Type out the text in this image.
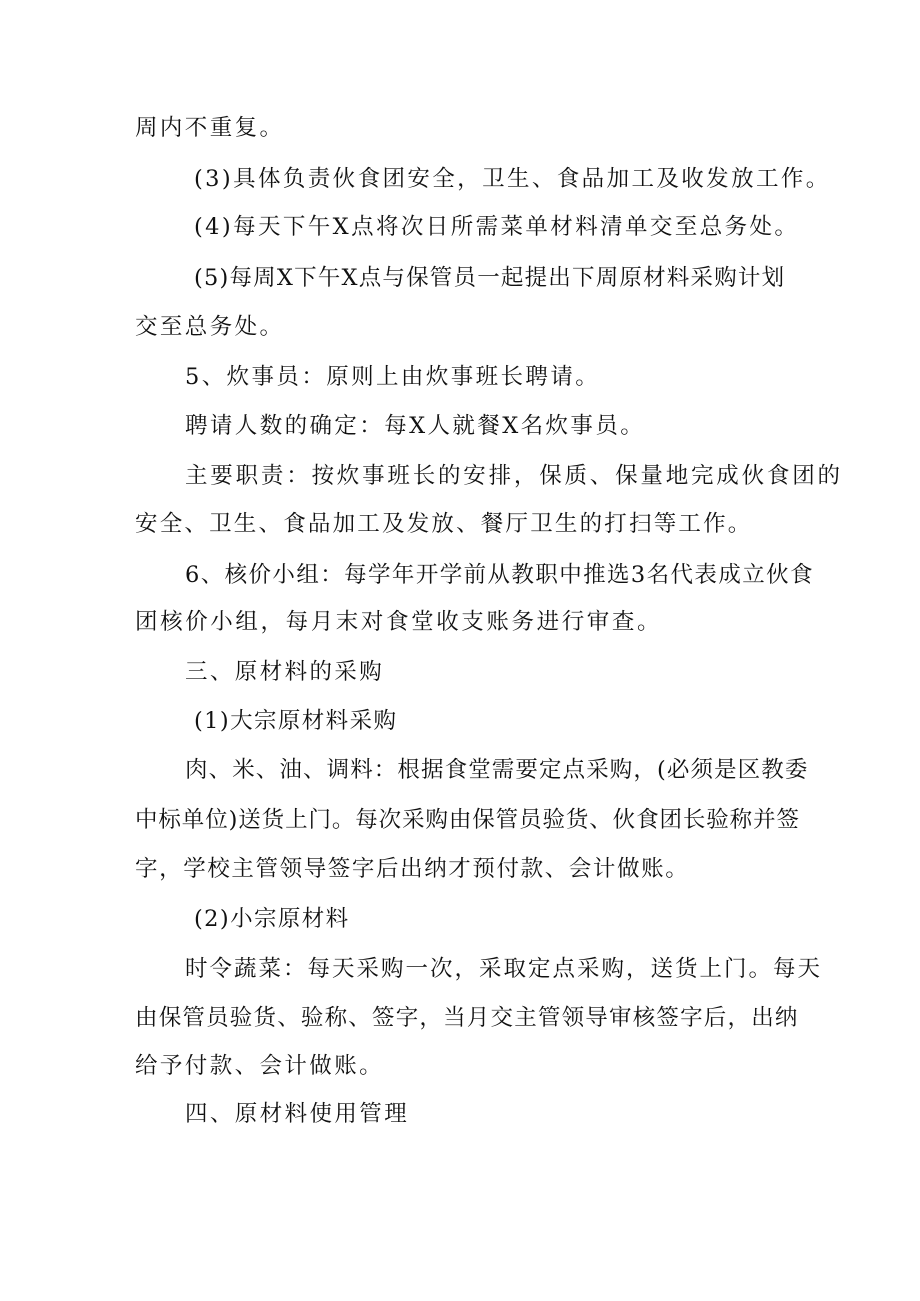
周内不重复。
(3)具体负责伙食团安全，卫生、食品加工及收发放工作。
(4)每天下午X点将次日所需菜单材料清单交至总务处。
(5)每周X下午X点与保管员一起提出下周原材料采购计划
交至总务处。
5、炊事员：原则上由炊事班长聘请。
聘请人数的确定：每X人就餐X名炊事员。
主要职责：按炊事班长的安排，保质、保量地完成伙食团的
安全、卫生、食品加工及发放、餐厅卫生的打扫等工作。
6、核价小组：每学年开学前从教职中推选3名代表成立伙食
团核价小组，每月末对食堂收支账务进行审查。
三、原材料的采购
(1)大宗原材料采购
肉、米、油、调料：根据食堂需要定点采购，(必须是区教委
中标单位)送货上门。每次采购由保管员验货、伙食团长验称并签
字，学校主管领导签字后出纳才预付款、会计做账。
(2)小宗原材料
时令蔬菜：每天采购一次，采取定点采购，送货上门。每天
由保管员验货、验称、签字，当月交主管领导审核签字后，出纳
给予付款、会计做账。
四、原材料使用管理
